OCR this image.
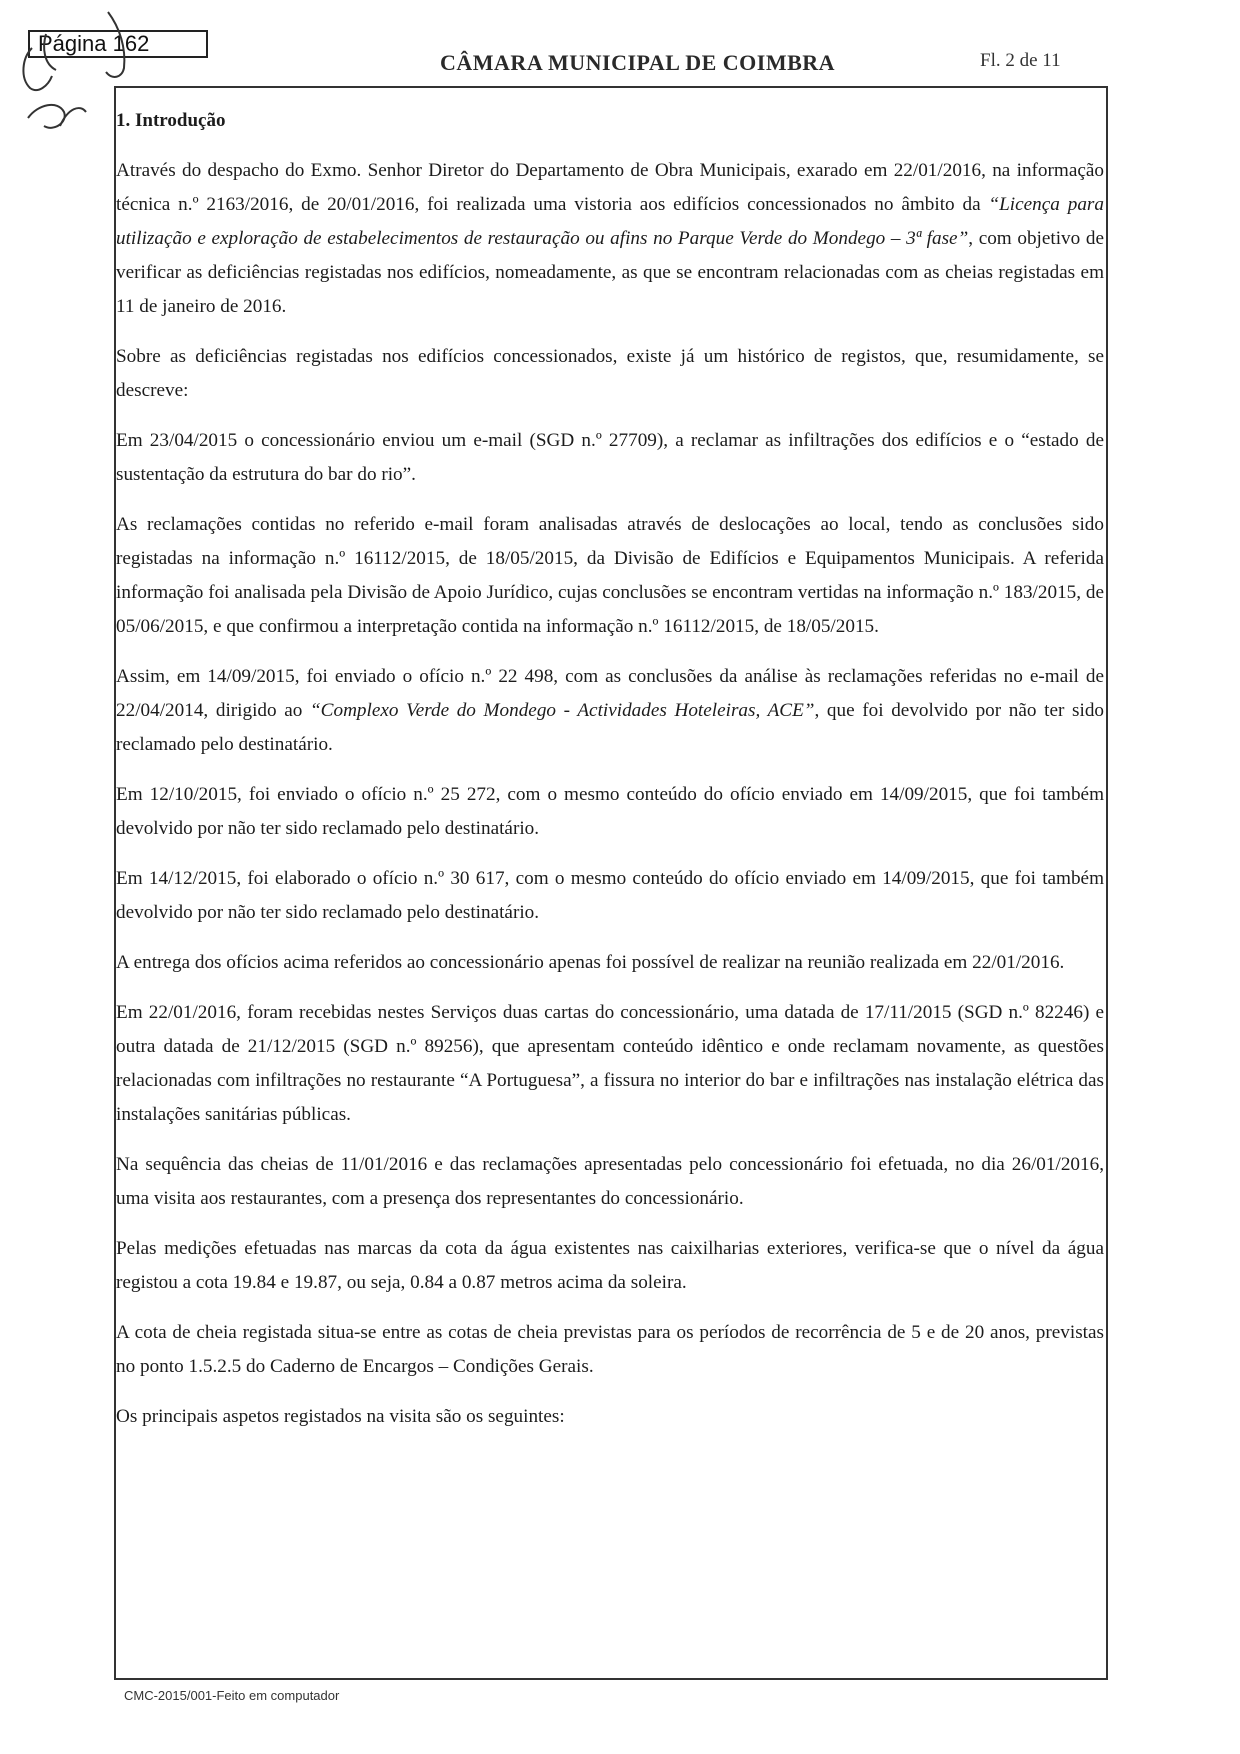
Página 162
CÂMARA MUNICIPAL DE COIMBRA	Fl. 2 de 11
1. Introdução

Através do despacho do Exmo. Senhor Diretor do Departamento de Obra Municipais, exarado em 22/01/2016, na informação técnica n.º 2163/2016, de 20/01/2016, foi realizada uma vistoria aos edifícios concessionados no âmbito da “Licença para utilização e exploração de estabelecimentos de restauração ou afins no Parque Verde do Mondego – 3ª fase”, com objetivo de verificar as deficiências registadas nos edifícios, nomeadamente, as que se encontram relacionadas com as cheias registadas em 11 de janeiro de 2016.

Sobre as deficiências registadas nos edifícios concessionados, existe já um histórico de registos, que, resumidamente, se descreve:

Em 23/04/2015 o concessionário enviou um e-mail (SGD n.º 27709), a reclamar as infiltrações dos edifícios e o “estado de sustentação da estrutura do bar do rio”.

As reclamações contidas no referido e-mail foram analisadas através de deslocações ao local, tendo as conclusões sido registadas na informação n.º 16112/2015, de 18/05/2015, da Divisão de Edifícios e Equipamentos Municipais. A referida informação foi analisada pela Divisão de Apoio Jurídico, cujas conclusões se encontram vertidas na informação n.º 183/2015, de 05/06/2015, e que confirmou a interpretação contida na informação n.º 16112/2015, de 18/05/2015.

Assim, em 14/09/2015, foi enviado o ofício n.º 22 498, com as conclusões da análise às reclamações referidas no e-mail de 22/04/2014, dirigido ao “Complexo Verde do Mondego - Actividades Hoteleiras, ACE”, que foi devolvido por não ter sido reclamado pelo destinatário.

Em 12/10/2015, foi enviado o ofício n.º 25 272, com o mesmo conteúdo do ofício enviado em 14/09/2015, que foi também devolvido por não ter sido reclamado pelo destinatário.

Em 14/12/2015, foi elaborado o ofício n.º 30 617, com o mesmo conteúdo do ofício enviado em 14/09/2015, que foi também devolvido por não ter sido reclamado pelo destinatário.

A entrega dos ofícios acima referidos ao concessionário apenas foi possível de realizar na reunião realizada em 22/01/2016.

Em 22/01/2016, foram recebidas nestes Serviços duas cartas do concessionário, uma datada de 17/11/2015 (SGD n.º 82246) e outra datada de 21/12/2015 (SGD n.º 89256), que apresentam conteúdo idêntico e onde reclamam novamente, as questões relacionadas com infiltrações no restaurante “A Portuguesa”, a fissura no interior do bar e infiltrações nas instalação elétrica das instalações sanitárias públicas.

Na sequência das cheias de 11/01/2016 e das reclamações apresentadas pelo concessionário foi efetuada, no dia 26/01/2016, uma visita aos restaurantes, com a presença dos representantes do concessionário.

Pelas medições efetuadas nas marcas da cota da água existentes nas caixilharias exteriores, verifica-se que o nível da água registou a cota 19.84 e 19.87, ou seja, 0.84 a 0.87 metros acima da soleira.

A cota de cheia registada situa-se entre as cotas de cheia previstas para os períodos de recorrência de 5 e de 20 anos, previstas no ponto 1.5.2.5 do Caderno de Encargos – Condições Gerais.

Os principais aspetos registados na visita são os seguintes:

CMC-2015/001-Feito em computador
